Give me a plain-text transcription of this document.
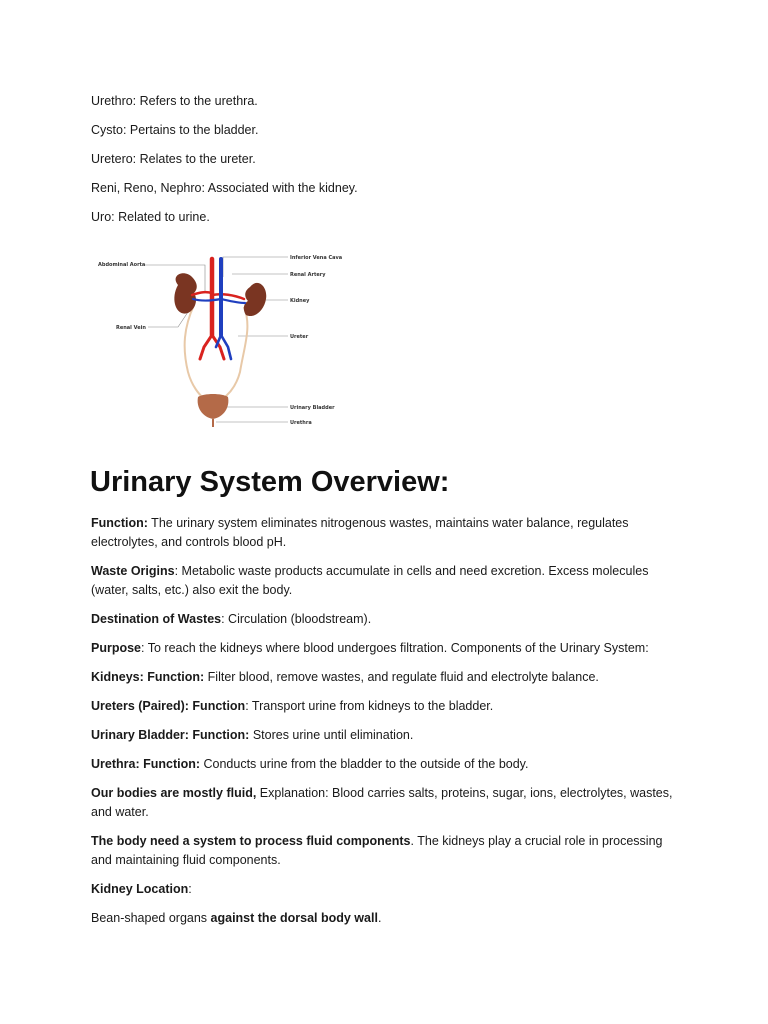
Urethro: Refers to the urethra.

Cysto: Pertains to the bladder.

Uretero: Relates to the ureter.

Reni, Reno, Nephro: Associated with the kidney.

Uro: Related to urine.

Abdominal Aorta
Inferior Vena Cava
Renal Artery
Kidney
Renal Vein
Ureter
Urinary Bladder
Urethra
Urinary System Overview:

Function: The urinary system eliminates nitrogenous wastes, maintains water balance, regulates electrolytes, and controls blood pH.

Waste Origins: Metabolic waste products accumulate in cells and need excretion. Excess molecules (water, salts, etc.) also exit the body.

Destination of Wastes: Circulation (bloodstream).

Purpose: To reach the kidneys where blood undergoes filtration. Components of the Urinary System:

Kidneys: Function: Filter blood, remove wastes, and regulate fluid and electrolyte balance.

Ureters (Paired): Function: Transport urine from kidneys to the bladder.

Urinary Bladder: Function: Stores urine until elimination.

Urethra: Function: Conducts urine from the bladder to the outside of the body.

Our bodies are mostly fluid, Explanation: Blood carries salts, proteins, sugar, ions, electrolytes, wastes, and water.

The body need a system to process fluid components. The kidneys play a crucial role in processing and maintaining fluid components.

Kidney Location:

Bean-shaped organs against the dorsal body wall.
